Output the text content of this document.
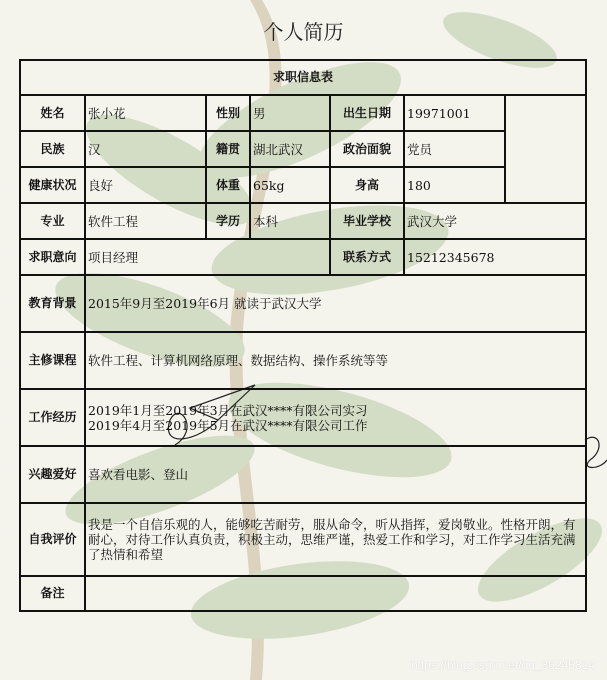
个人简历
求职信息表						
姓名	张小花	性别	男	出生日期	19971001	
民族	汉	籍贯	湖北武汉	政治面貌	党员	
健康状况	良好	体重	65kg	身高	180	
专业	软件工程	学历	本科	毕业学校	武汉大学	
求职意向	项目经理			联系方式	15212345678	
教育背景	2015年9月至2019年6月 就读于武汉大学					
主修课程	软件工程、计算机网络原理、数据结构、操作系统等等					
工作经历	2019年1月至2019年3月在武汉****有限公司实习
2019年4月至2019年5月在武汉****有限公司工作					

兴趣爱好	喜欢看电影、登山					
自我评价	我是一个自信乐观的人，能够吃苦耐劳，服从命令，听从指挥，爱岗敬业。性格开朗，有耐心，对待工作认真负责，积极主动，思维严谨，热爱工作和学习，对工作学习生活充满了热情和希望					
备注						
https://blog.csdn.net/qq_36245314
